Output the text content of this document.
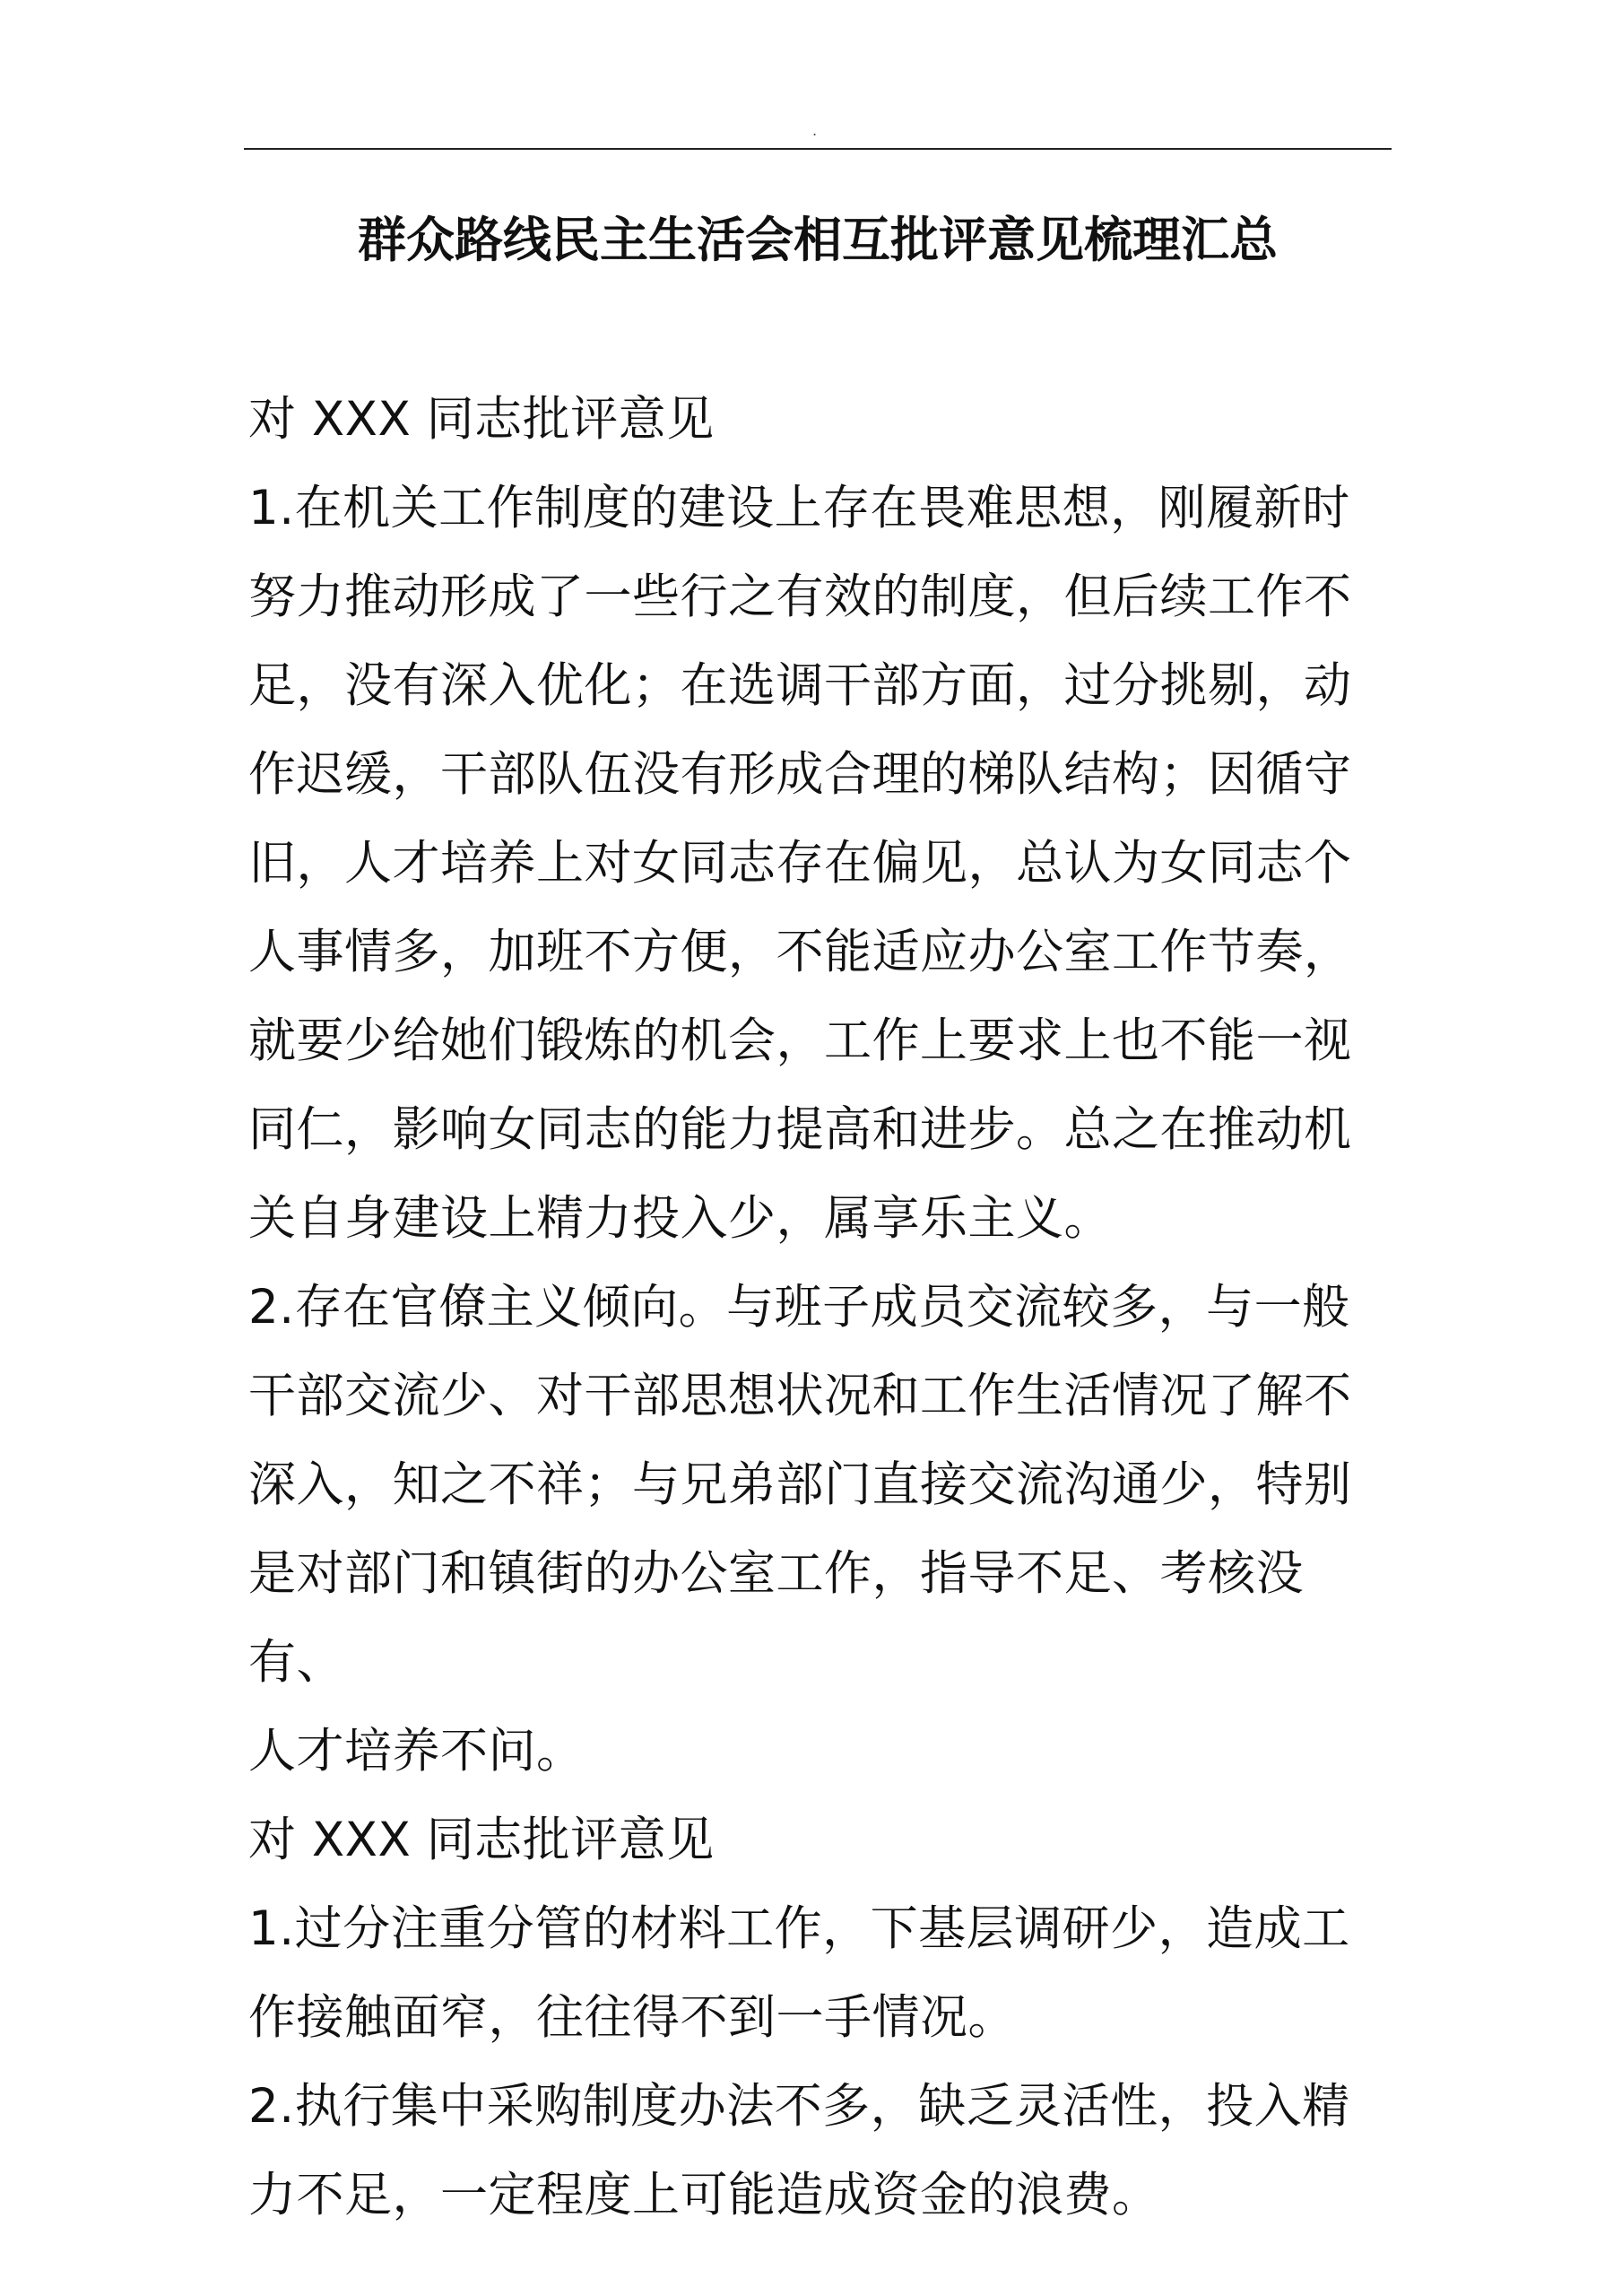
.
群众路线民主生活会相互批评意见梳理汇总

对 XXX 同志批评意见

1.在机关工作制度的建设上存在畏难思想，刚履新时

努力推动形成了一些行之有效的制度，但后续工作不

足，没有深入优化；在选调干部方面，过分挑剔，动

作迟缓，干部队伍没有形成合理的梯队结构；因循守

旧，人才培养上对女同志存在偏见，总认为女同志个

人事情多，加班不方便，不能适应办公室工作节奏，

就要少给她们锻炼的机会，工作上要求上也不能一视

同仁，影响女同志的能力提高和进步。总之在推动机

关自身建设上精力投入少，属享乐主义。

2.存在官僚主义倾向。与班子成员交流较多，与一般

干部交流少、对干部思想状况和工作生活情况了解不

深入，知之不祥；与兄弟部门直接交流沟通少，特别

是对部门和镇街的办公室工作，指导不足、考核没有、

人才培养不问。

对 XXX 同志批评意见

1.过分注重分管的材料工作，下基层调研少，造成工

作接触面窄，往往得不到一手情况。

2.执行集中采购制度办法不多，缺乏灵活性，投入精

力不足，一定程度上可能造成资金的浪费。
